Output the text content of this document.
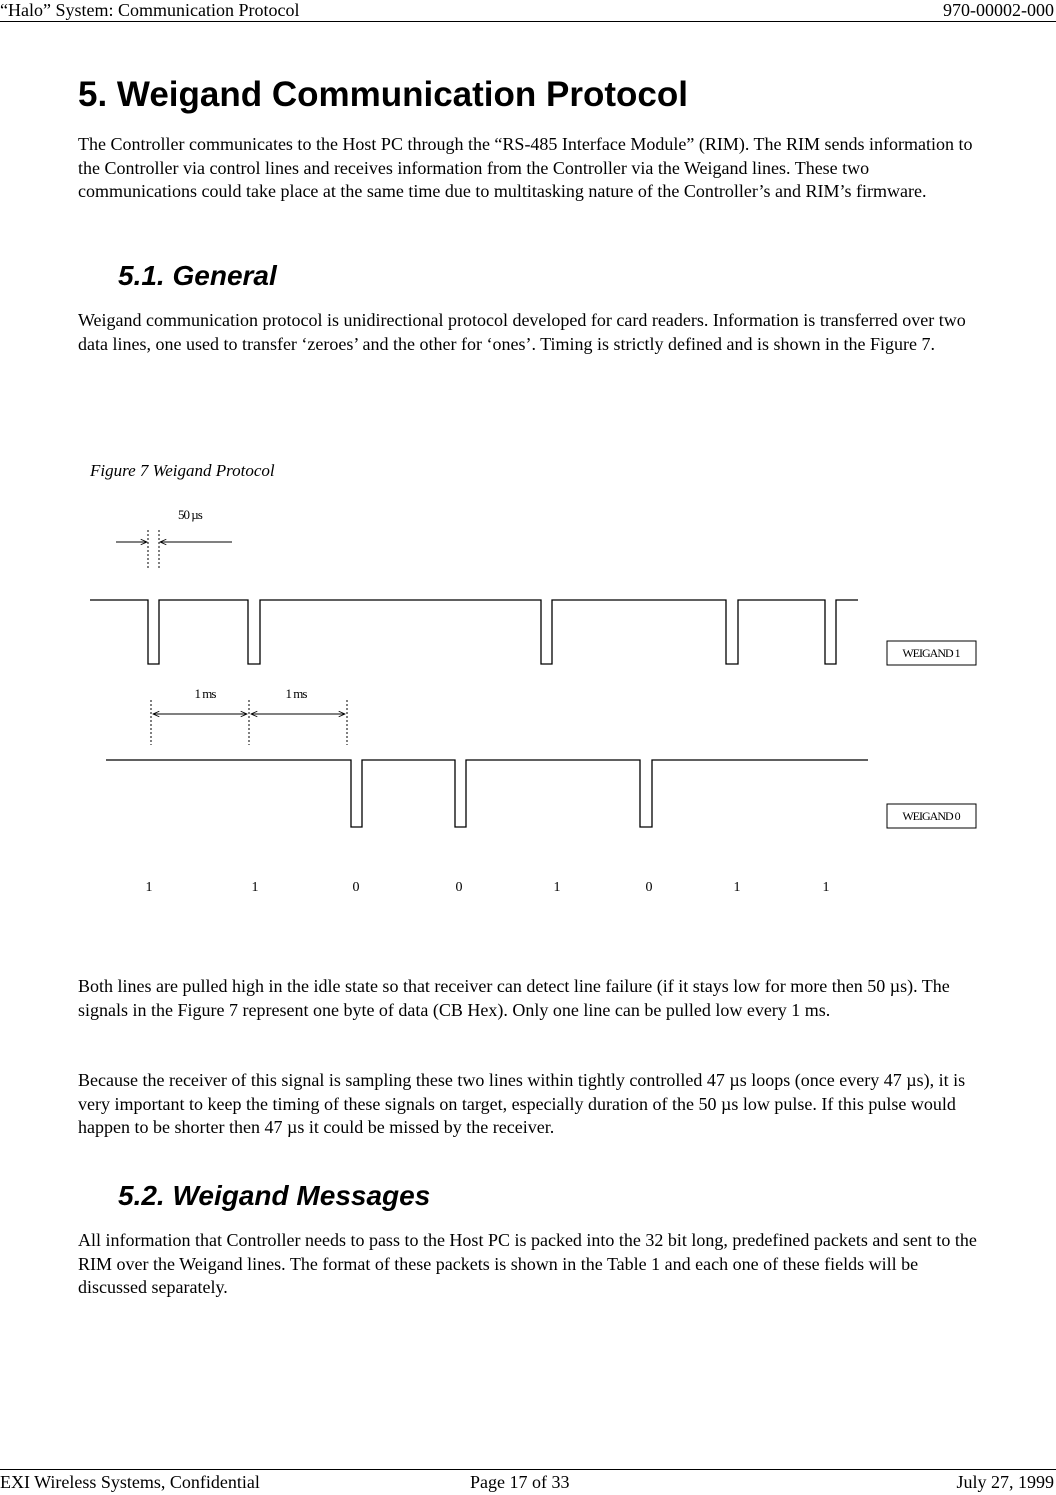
“Halo” System: Communication Protocol	970-00002-000
5. Weigand Communication Protocol

The Controller communicates to the Host PC through the “RS-485 Interface Module” (RIM). The RIM sends information to the Controller via control lines and receives information from the Controller via the Weigand lines. These two communications could take place at the same time due to multitasking nature of the Controller’s and RIM’s firmware.

5.1. General

Weigand communication protocol is unidirectional protocol developed for card readers. Information is transferred over two data lines, one used to transfer ‘zeroes’ and the other for ‘ones’. Timing is strictly defined and is shown in the Figure 7.

Figure 7 Weigand Protocol
50 µs
WEIGAND 1
1 ms	1 ms
WEIGAND 0
1	1	0	0	1	0	1	1

Both lines are pulled high in the idle state so that receiver can detect line failure (if it stays low for more then 50 µs). The signals in the Figure 7 represent one byte of data (CB Hex). Only one line can be pulled low every 1 ms.

Because the receiver of this signal is sampling these two lines within tightly controlled 47 µs loops (once every 47 µs), it is very important to keep the timing of these signals on target, especially duration of the 50 µs low pulse. If this pulse would happen to be shorter then 47 µs it could be missed by the receiver.

5.2. Weigand Messages

All information that Controller needs to pass to the Host PC is packed into the 32 bit long, predefined packets and sent to the RIM over the Weigand lines. The format of these packets is shown in the Table 1 and each one of these fields will be discussed separately.

EXI Wireless Systems, Confidential	Page 17 of 33	July 27, 1999
